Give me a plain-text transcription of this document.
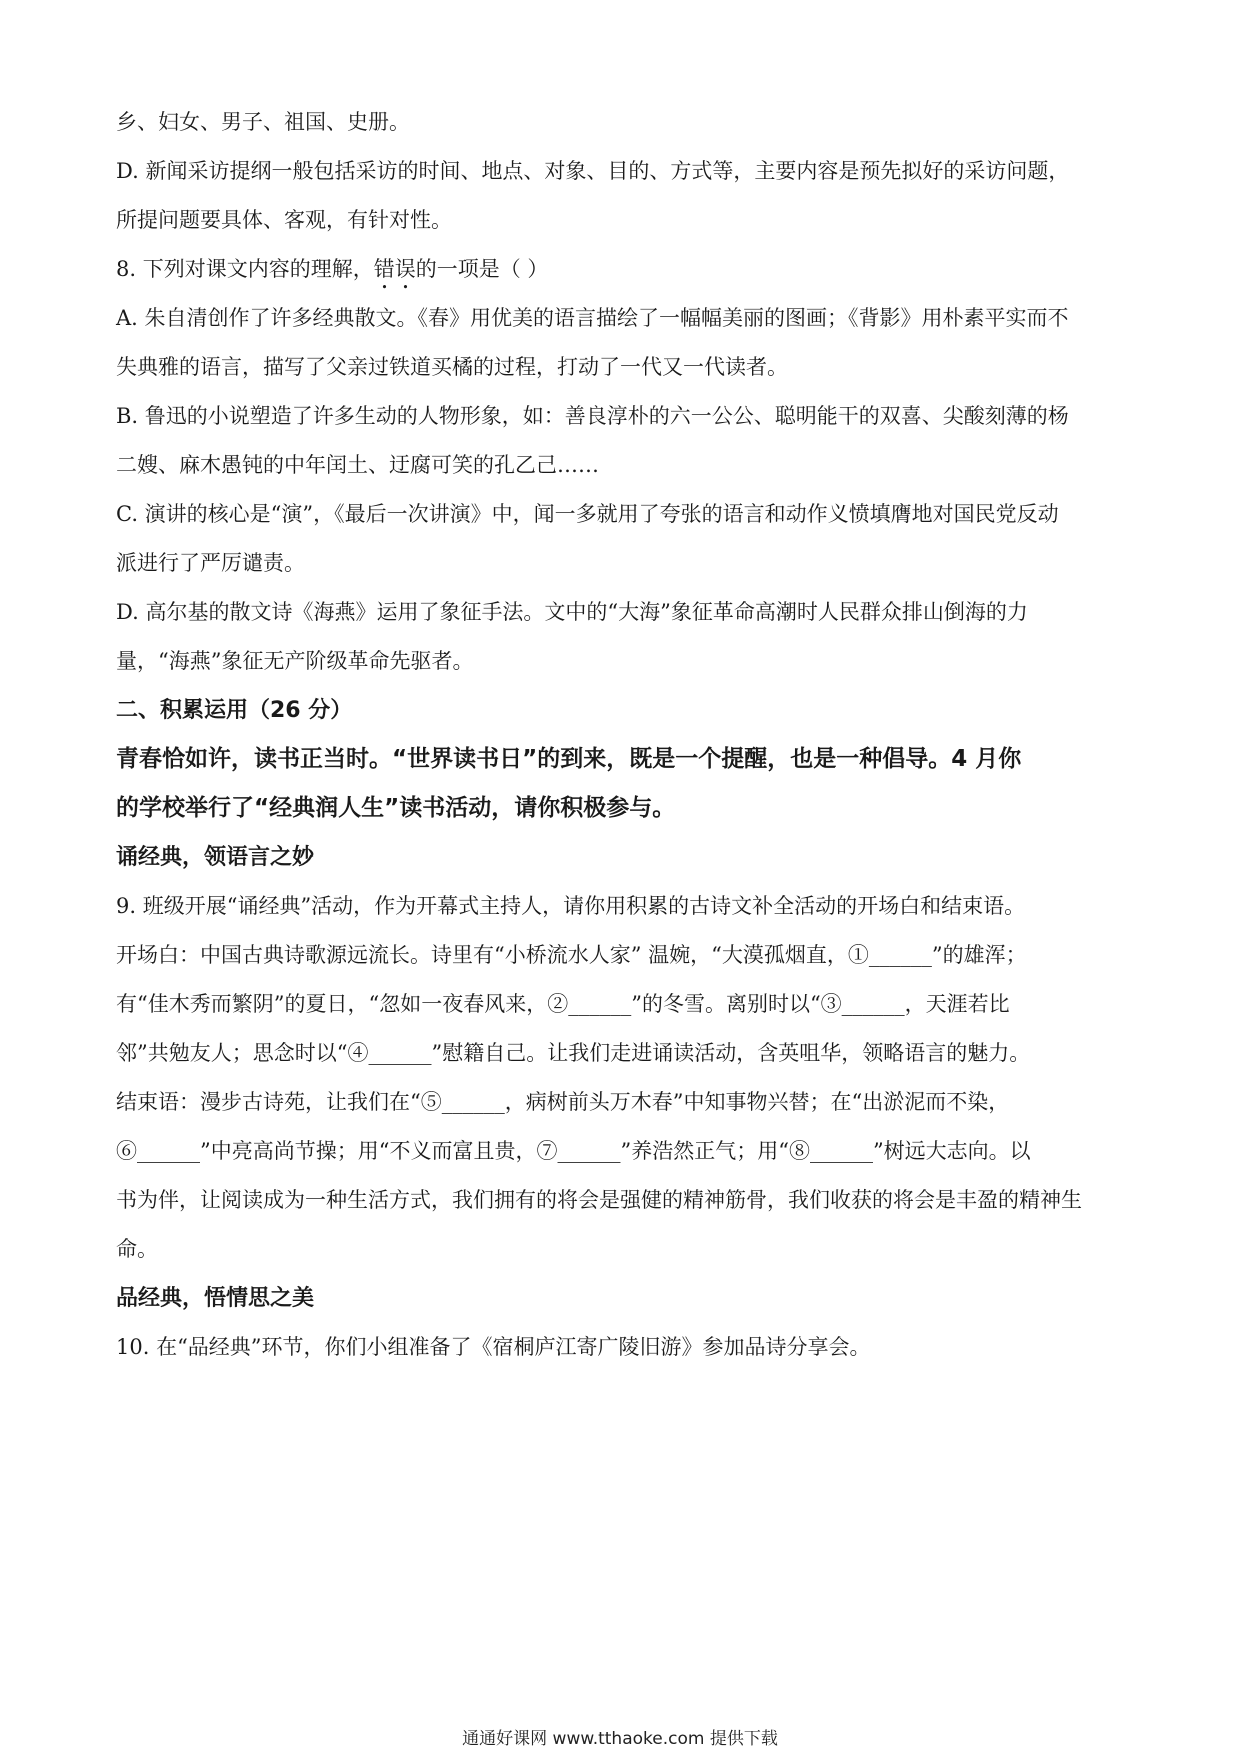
乡、妇女、男子、祖国、史册。

D. 新闻采访提纲一般包括采访的时间、地点、对象、目的、方式等，主要内容是预先拟好的采访问题，

所提问题要具体、客观，有针对性。

8. 下列对课文内容的理解，错误的一项是（ ）

A. 朱自清创作了许多经典散文。《春》用优美的语言描绘了一幅幅美丽的图画；《背影》用朴素平实而不

失典雅的语言，描写了父亲过铁道买橘的过程，打动了一代又一代读者。

B. 鲁迅的小说塑造了许多生动的人物形象，如：善良淳朴的六一公公、聪明能干的双喜、尖酸刻薄的杨

二嫂、麻木愚钝的中年闰土、迂腐可笑的孔乙己……

C. 演讲的核心是“演”，《最后一次讲演》中，闻一多就用了夸张的语言和动作义愤填膺地对国民党反动

派进行了严厉谴责。

D. 高尔基的散文诗《海燕》运用了象征手法。文中的“大海”象征革命高潮时人民群众排山倒海的力

量，“海燕”象征无产阶级革命先驱者。

二、积累运用（26 分）

青春恰如许，读书正当时。“世界读书日”的到来，既是一个提醒，也是一种倡导。4 月你

的学校举行了“经典润人生”读书活动，请你积极参与。

诵经典，领语言之妙

9. 班级开展“诵经典”活动，作为开幕式主持人，请你用积累的古诗文补全活动的开场白和结束语。

开场白：中国古典诗歌源远流长。诗里有“小桥流水人家” 温婉，“大漠孤烟直，①______”的雄浑；

有“佳木秀而繁阴”的夏日，“忽如一夜春风来，②______”的冬雪。离别时以“③______，天涯若比

邻”共勉友人；思念时以“④______”慰籍自己。让我们走进诵读活动，含英咀华，领略语言的魅力。

结束语：漫步古诗苑，让我们在“⑤______，病树前头万木春”中知事物兴替；在“出淤泥而不染，

⑥______”中亮高尚节操；用“不义而富且贵，⑦______”养浩然正气；用“⑧______”树远大志向。以

书为伴，让阅读成为一种生活方式，我们拥有的将会是强健的精神筋骨，我们收获的将会是丰盈的精神生

命。

品经典，悟情思之美

10. 在“品经典”环节，你们小组准备了《宿桐庐江寄广陵旧游》参加品诗分享会。

通通好课网 www.tthaoke.com 提供下载
